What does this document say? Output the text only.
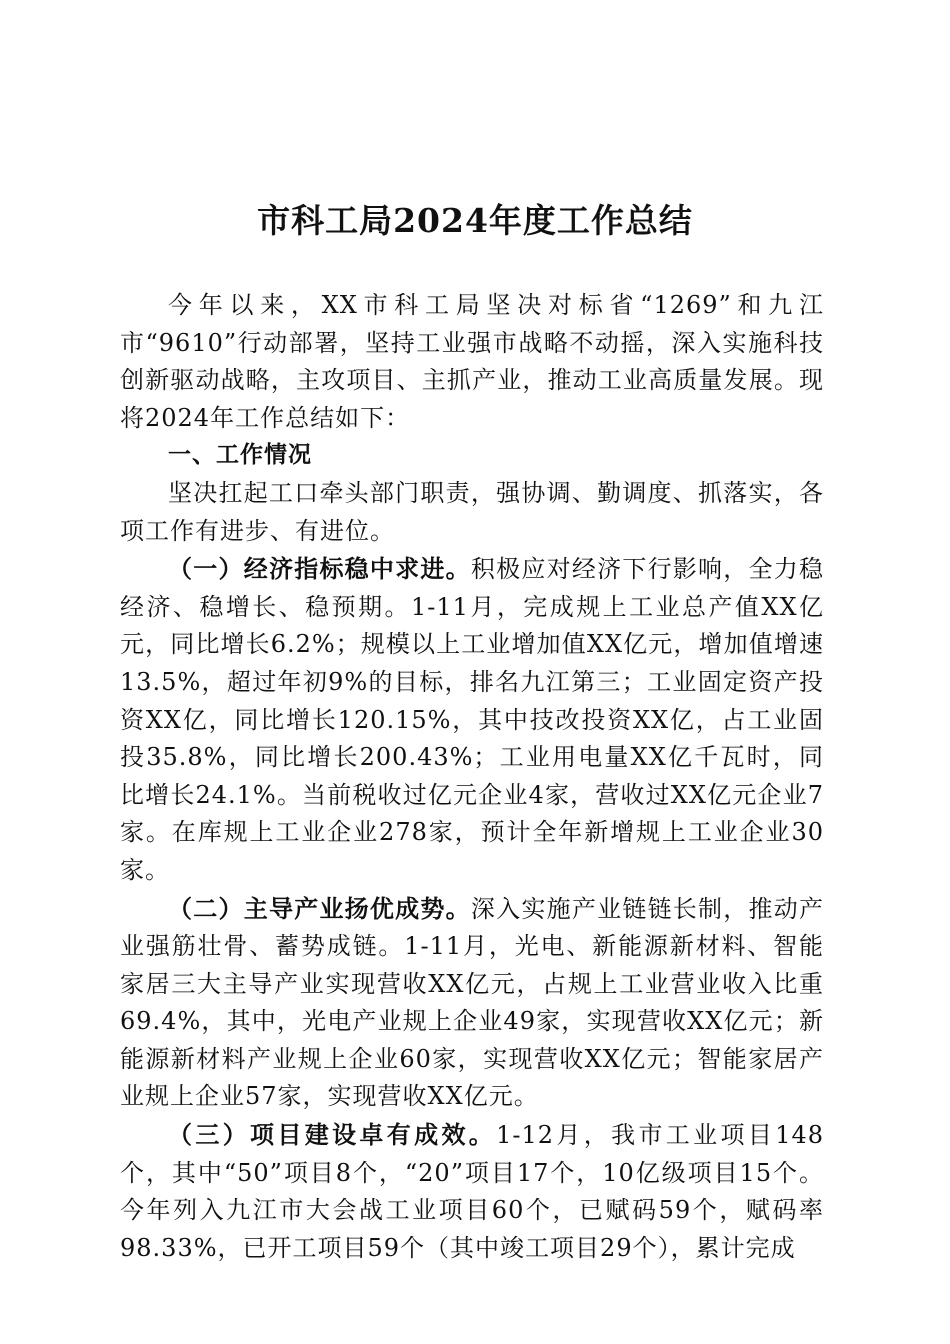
市科工局2024年度工作总结

今年以来，XX市科工局坚决对标省“1269”和九江市“9610”行动部署，坚持工业强市战略不动摇，深入实施科技创新驱动战略，主攻项目、主抓产业，推动工业高质量发展。现将2024年工作总结如下：

一、工作情况

坚决扛起工口牵头部门职责，强协调、勤调度、抓落实，各项工作有进步、有进位。

（一）经济指标稳中求进。积极应对经济下行影响，全力稳经济、稳增长、稳预期。1-11月，完成规上工业总产值XX亿元，同比增长6.2%；规模以上工业增加值XX亿元，增加值增速13.5%，超过年初9%的目标，排名九江第三；工业固定资产投资XX亿，同比增长120.15%，其中技改投资XX亿，占工业固投35.8%，同比增长200.43%；工业用电量XX亿千瓦时，同比增长24.1%。当前税收过亿元企业4家，营收过XX亿元企业7家。在库规上工业企业278家，预计全年新增规上工业企业30家。

（二）主导产业扬优成势。深入实施产业链链长制，推动产业强筋壮骨、蓄势成链。1-11月，光电、新能源新材料、智能家居三大主导产业实现营收XX亿元，占规上工业营业收入比重69.4%，其中，光电产业规上企业49家，实现营收XX亿元；新能源新材料产业规上企业60家，实现营收XX亿元；智能家居产业规上企业57家，实现营收XX亿元。

（三）项目建设卓有成效。1-12月，我市工业项目148个，其中“50”项目8个，“20”项目17个，10亿级项目15个。今年列入九江市大会战工业项目60个，已赋码59个，赋码率98.33%，已开工项目59个（其中竣工项目29个），累计完成
